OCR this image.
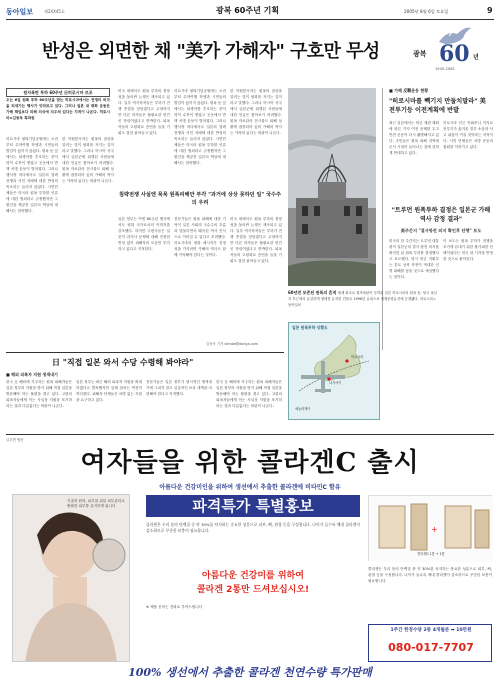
동아일보	제2XX45호	광복 60주년 기획	2005년 8월 6일 토요일	9
반성은 외면한 채 "美가 가해자" 구호만 무성	광복 60 년
1945-2005
원자폭탄 투하 60주년 日히로시마 르포
오는 6일 원폭 투하 60주년을 맞는 히로시마에서는 전쟁의 비극을 되새기는 행사가 잇따르고 있다. 그러나 일본 내 평화 운동은 가해 책임보다 피해 의식에 치우쳐 있다는 지적이 나온다. 히로시마=김동욱 특파원
히로시마 평화기념공원에는 오전부터 수학여행 학생과 시민들의 발길이 끊이지 않았다. 원폭 돔 앞에서는 희생자를 추모하는 종이학이 수북이 쌓였고 곳곳에서 반핵 서명 운동이 벌어졌다. 그러나 행사장 어디에서도 일본의 침략 전쟁과 식민 지배에 대한 반성의 목소리는 들리지 않았다. 시민단체들은 미국의 원폭 투하를 인류에 대한 범죄라고 규정했지만 그 원인을 제공한 일본의 책임에 대해서는 침묵했다.
한 자원봉사자는 원폭의 참상을 알리는 것이 평화를 지키는 길이라고 말했다. 그러나 아시아 각국에서 일본군에 희생된 사람들에 대한 언급은 찾아보기 어려웠다. 원폭 자료관의 전시물도 피해 상황에 집중되어 있어 가해의 역사는 가려져 있다는 비판이 나온다.
미국 내에서도 원폭 투하의 정당성을 둘러싼 논쟁은 계속되고 있다. 일부 역사학자들은 투하가 전쟁 종결을 앞당겼다고 주장하지만 다른 학자들은 불필요한 민간인 학살이었다고 반박한다. 피폭자들의 고령화로 증언을 들을 기회도 점점 줄어들고 있다.
히로시마 평화기념공원에는 오전부터 수학여행 학생과 시민들의 발길이 끊이지 않았다. 원폭 돔 앞에서는 희생자를 추모하는 종이학이 수북이 쌓였고 곳곳에서 반핵 서명 운동이 벌어졌다. 그러나 행사장 어디에서도 일본의 침략 전쟁과 식민 지배에 대한 반성의 목소리는 들리지 않았다. 시민단체들은 미국의 원폭 투하를 인류에 대한 범죄라고 규정했지만 그 원인을 제공한 일본의 책임에 대해서는 침묵했다.
한 자원봉사자는 원폭의 참상을 알리는 것이 평화를 지키는 길이라고 말했다. 그러나 아시아 각국에서 일본군에 희생된 사람들에 대한 언급은 찾아보기 어려웠다. 원폭 자료관의 전시물도 피해 상황에 집중되어 있어 가해의 역사는 가려져 있다는 비판이 나온다.
침략전쟁 사실엔 묵묵 원폭피해만 부각 "과거에 상상 못하던 일" 국수주의 우려
일본 정부는 이번 60주년 행사에서도 평화 국가로서의 이미지를 강조했다. 하지만 주변국들은 일본이 과거사 문제에 대해 진정한 반성 없이 피해자의 모습만 부각하고 있다고 지적한다.
전문가들은 원폭 피해에 대한 기억이 일본 사회의 국수주의 흐름과 맞물리면서 왜곡된 역사 인식으로 이어질 수 있다고 우려했다. 히로시마의 평화 메시지가 진정성을 가지려면 가해의 역사도 함께 기억해야 한다는 것이다.
미국 내에서도 원폭 투하의 정당성을 둘러싼 논쟁은 계속되고 있다. 일부 역사학자들은 투하가 전쟁 종결을 앞당겼다고 주장하지만 다른 학자들은 불필요한 민간인 학살이었다고 반박한다. 피폭자들의 고령화로 증언을 들을 기회도 점점 줄어들고 있다.
김동욱 기자 kimdw@donga.com
■ 가해 反戰운동 현황
"히로시마를 빽기지 만둡치말라" 美 전투기등 이전계획에 반발
최근 일본에서는 미군 재편 계획에 따른 기지 이전 문제를 두고 반전 운동이 다시 활발해지고 있다. 주민들은 원폭 피해 지역에 군사 시설이 늘어나는 것에 강하게 반대하고 있다.
히로시마 인근 이와쿠니 기지로 전투기가 옮겨올 경우 소음과 사고 위험이 커질 것이라는 지적이다. 시민 단체들은 서명 운동과 집회를 이어가고 있다.
"트루먼 원폭투하 결정은 일본군 가해역사 감정 결과"
美주간지 "결사항전 의지 확인후 단행" 보도
미국의 한 주간지는 트루먼 대통령이 일본군의 결사 항전 의지를 확인한 뒤 원폭 투하를 결정했다고 보도했다. 당시 미군 지휘부는 본토 상륙 작전이 막대한 인명 피해를 낳을 것으로 예상했다는 것이다.
이 보도는 원폭 투하가 전쟁을 조기에 끝내기 위한 불가피한 선택이었다는 미국 내 시각을 반영한 것으로 풀이된다.
60년전 보존된 원폭의 흔적 세계 최초로 원자폭탄이 투하된 일본 히로시마의 원폭 돔. 당시 폭심지 부근에서 유일하게 형태를 유지한 건물로 1996년 유네스코 세계문화유산에 등재됐다. 히로시마=동아일보
일본 원폭투하 상황도
히로시마
나가사키
에놀라게이
日 "직접 일본 와서 수당 수령해 봐야라"
■ 해외 피폭자 지원 생색내기
한국 등 해외에 거주하는 원폭 피해자들은 일본 정부의 지원을 받기 위해 직접 일본을 방문해야 하는 불편을 겪고 있다. 고령의 피폭자들에게 이는 사실상 지원을 포기하라는 것과 다름없다는 비판이 나온다.
일본 정부는 최근 해외 피폭자 지원을 확대하겠다고 발표했지만 실제 절차는 여전히 까다롭다. 피해자 단체들은 차별 없는 지원을 요구하고 있다.
전문가들은 일본 정부가 형식적인 생색내기에 그치지 말고 실질적인 보상 대책을 마련해야 한다고 지적했다.
한국 등 해외에 거주하는 원폭 피해자들은 일본 정부의 지원을 받기 위해 직접 일본을 방문해야 하는 불편을 겪고 있다. 고령의 피폭자들에게 이는 사실상 지원을 포기하라는 것과 다름없다는 비판이 나온다.
클루겐 협찬
여자들을 위한 콜라겐C 출시
아름다운 건강미인을 위하여 생선에서 추출한 콜라겐에 비타민C 함유
기술비 탄력, 피부를 위한 피부관리로 팔팔한 피부를 유지하게 됩니다	파격특가 특별홍보
콜라겐은 우리 몸의 단백질 중 약 30%를 차지하는 중요한 성분으로 피부, 뼈, 관절 등을 구성합니다. 나이가 들수록 체내 콜라겐이 감소하므로 꾸준한 보충이 필요합니다.
아름다운 건강미를 위하여
콜라겐 2통만 드셔보십시오!
※ 제품 문의는 전화로 부탁드립니다
+
콜라겐C 1통 + 1통
콜라겐은 우리 몸의 단백질 중 약 30%를 차지하는 중요한 성분으로 피부, 뼈, 관절 등을 구성합니다. 나이가 들수록 체내 콜라겐이 감소하므로 꾸준한 보충이 필요합니다.
1주간 한정수량 2통 4개월분 ➡ 10만원
080-017-7707
100% 생선에서 추출한 콜라겐 천연수량 특가판매
